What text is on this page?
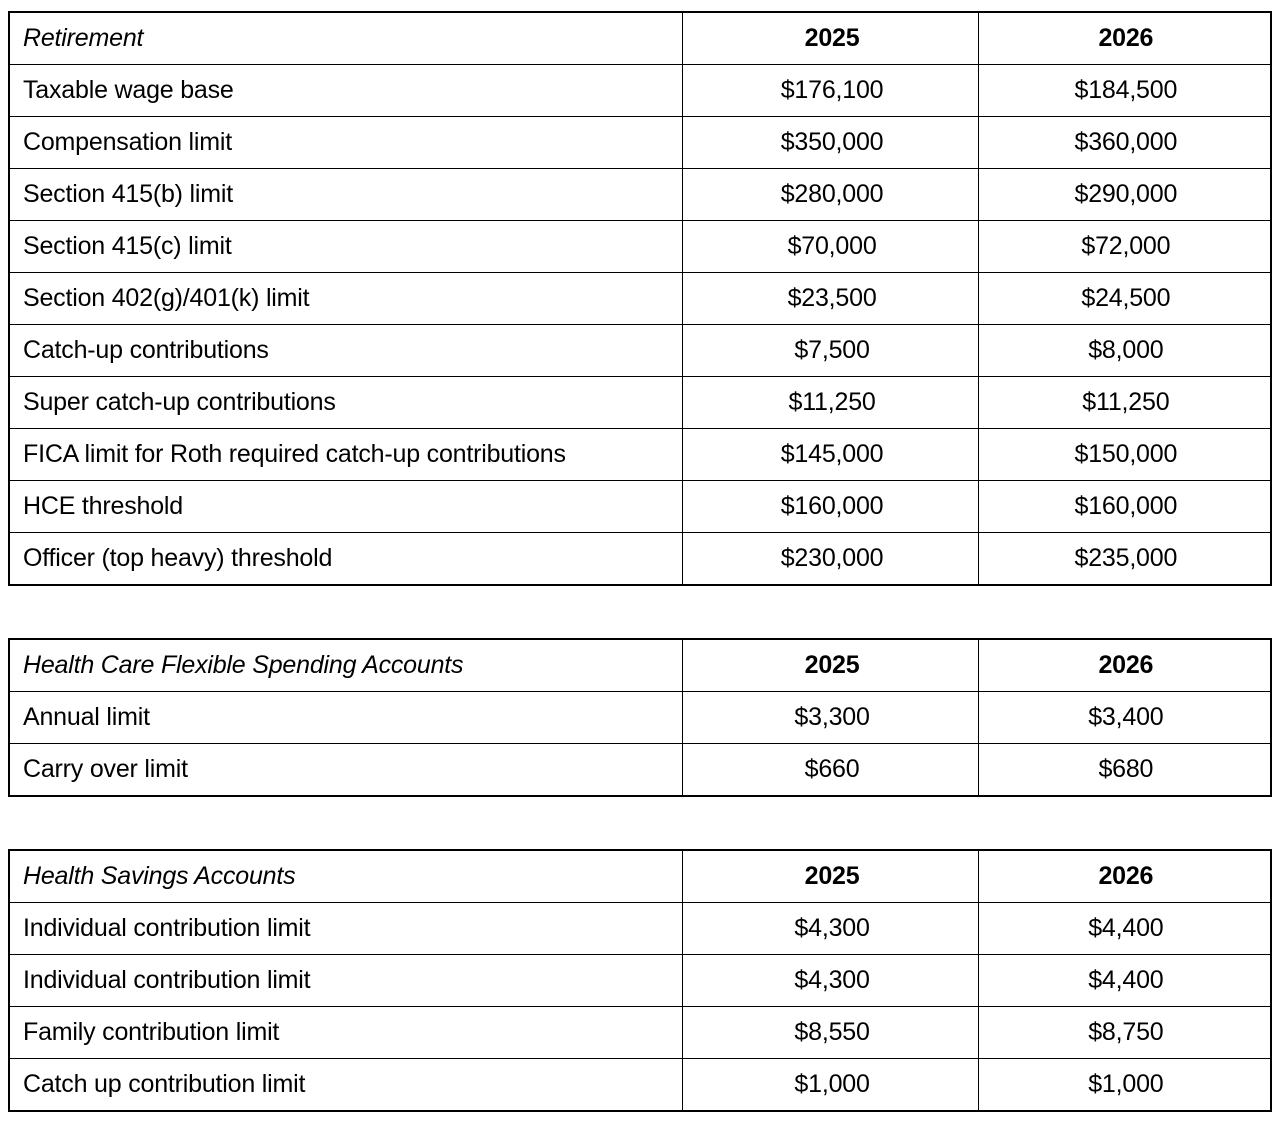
Retirement	2025	2026
Taxable wage base	$176,100	$184,500
Compensation limit	$350,000	$360,000
Section 415(b) limit	$280,000	$290,000
Section 415(c) limit	$70,000	$72,000
Section 402(g)/401(k) limit	$23,500	$24,500
Catch-up contributions	$7,500	$8,000
Super catch-up contributions	$11,250	$11,250
FICA limit for Roth required catch-up contributions	$145,000	$150,000
HCE threshold	$160,000	$160,000
Officer (top heavy) threshold	$230,000	$235,000
Health Care Flexible Spending Accounts	2025	2026
Annual limit	$3,300	$3,400
Carry over limit	$660	$680
Health Savings Accounts	2025	2026
Individual contribution limit	$4,300	$4,400
Individual contribution limit	$4,300	$4,400
Family contribution limit	$8,550	$8,750
Catch up contribution limit	$1,000	$1,000
